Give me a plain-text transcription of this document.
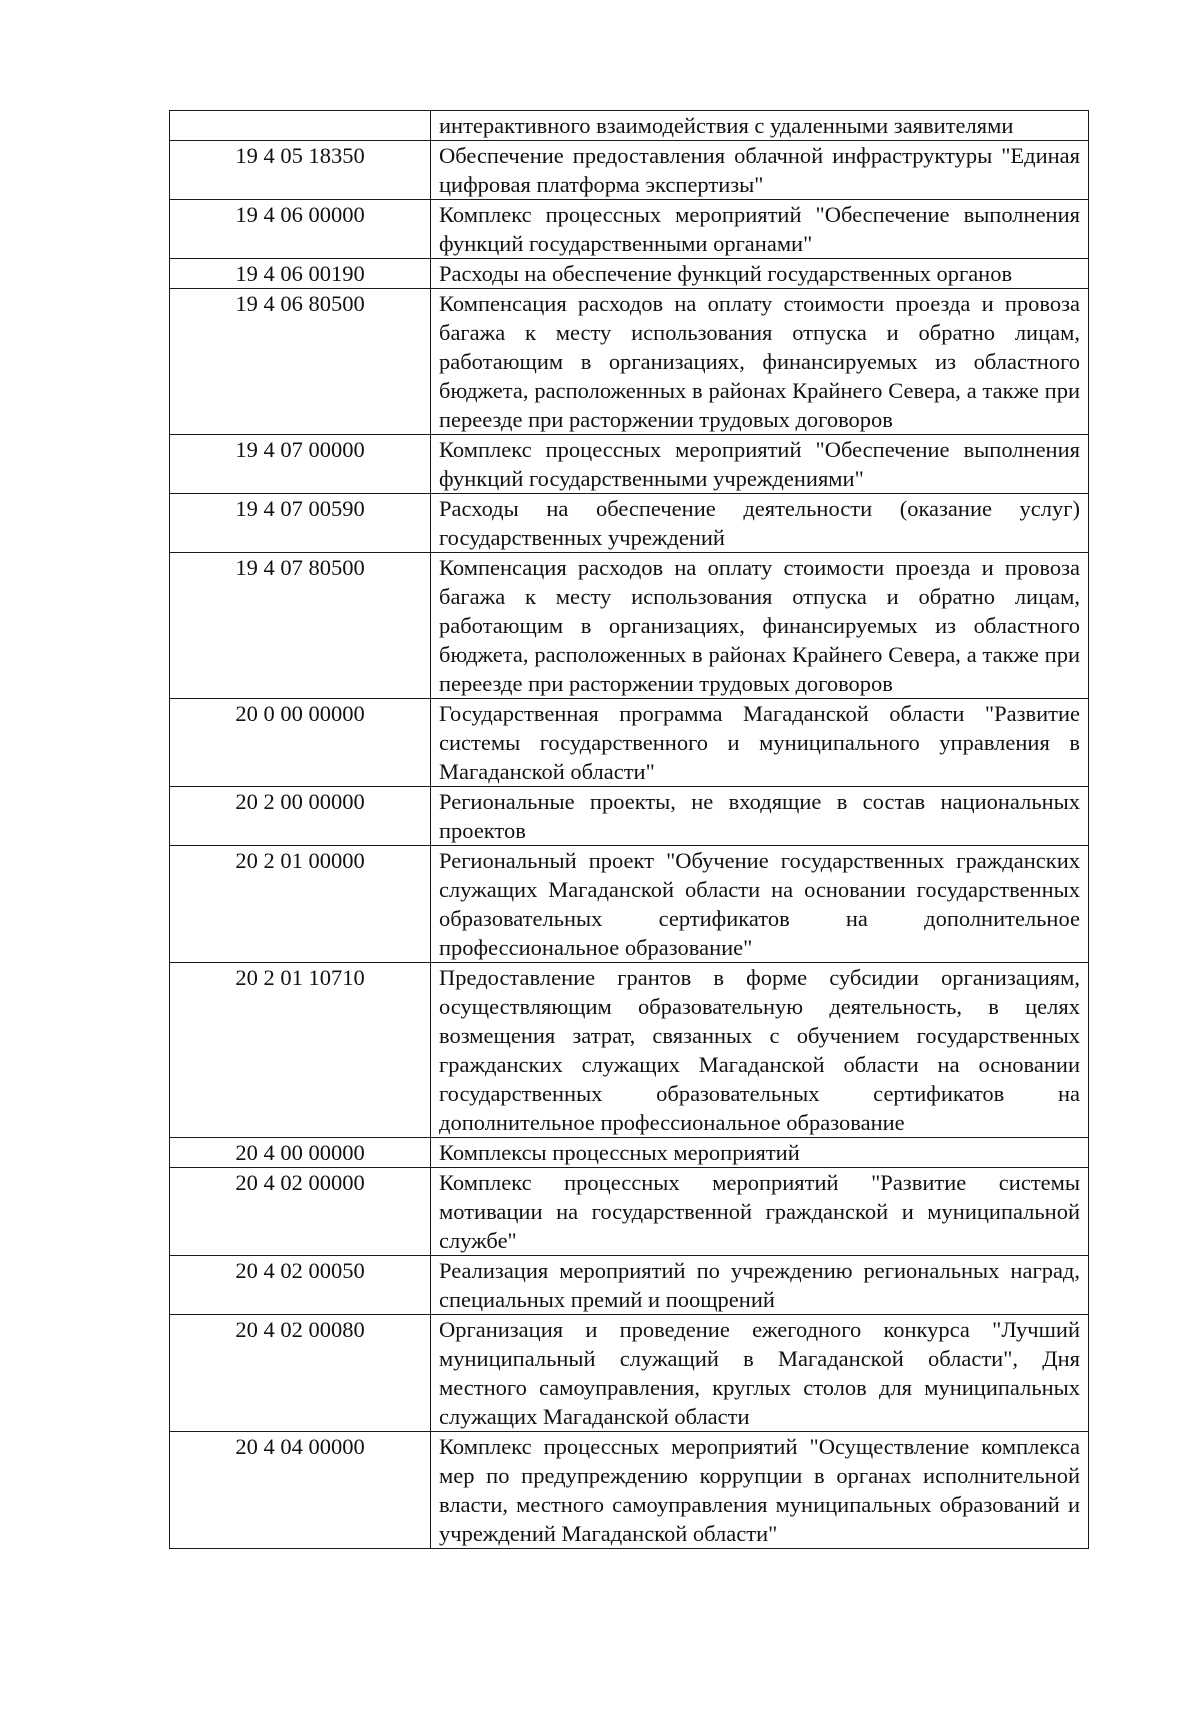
	интерактивного взаимодействия с удаленными заявителями
19 4 05 18350	Обеспечение предоставления облачной инфраструктуры "Единая цифровая платформа экспертизы"
19 4 06 00000	Комплекс процессных мероприятий "Обеспечение выполнения функций государственными органами"
19 4 06 00190	Расходы на обеспечение функций государственных органов
19 4 06 80500	Компенсация расходов на оплату стоимости проезда и провоза багажа к месту использования отпуска и обратно лицам, работающим в организациях, финансируемых из областного бюджета, расположенных в районах Крайнего Севера, а также при переезде при расторжении трудовых договоров
19 4 07 00000	Комплекс процессных мероприятий "Обеспечение выполнения функций государственными учреждениями"
19 4 07 00590	Расходы на обеспечение деятельности (оказание услуг) государственных учреждений
19 4 07 80500	Компенсация расходов на оплату стоимости проезда и провоза багажа к месту использования отпуска и обратно лицам, работающим в организациях, финансируемых из областного бюджета, расположенных в районах Крайнего Севера, а также при переезде при расторжении трудовых договоров
20 0 00 00000	Государственная программа Магаданской области "Развитие системы государственного и муниципального управления в Магаданской области"
20 2 00 00000	Региональные проекты, не входящие в состав национальных проектов
20 2 01 00000	Региональный проект "Обучение государственных гражданских служащих Магаданской области на основании государственных образовательных сертификатов на дополнительное профессиональное образование"
20 2 01 10710	Предоставление грантов в форме субсидии организациям, осуществляющим образовательную деятельность, в целях возмещения затрат, связанных с обучением государственных гражданских служащих Магаданской области на основании государственных образовательных сертификатов на дополнительное профессиональное образование
20 4 00 00000	Комплексы процессных мероприятий
20 4 02 00000	Комплекс процессных мероприятий "Развитие системы мотивации на государственной гражданской и муниципальной службе"
20 4 02 00050	Реализация мероприятий по учреждению региональных наград, специальных премий и поощрений
20 4 02 00080	Организация и проведение ежегодного конкурса "Лучший муниципальный служащий в Магаданской области", Дня местного самоуправления, круглых столов для муниципальных служащих Магаданской области
20 4 04 00000	Комплекс процессных мероприятий "Осуществление комплекса мер по предупреждению коррупции в органах исполнительной власти, местного самоуправления муниципальных образований и учреждений Магаданской области"
